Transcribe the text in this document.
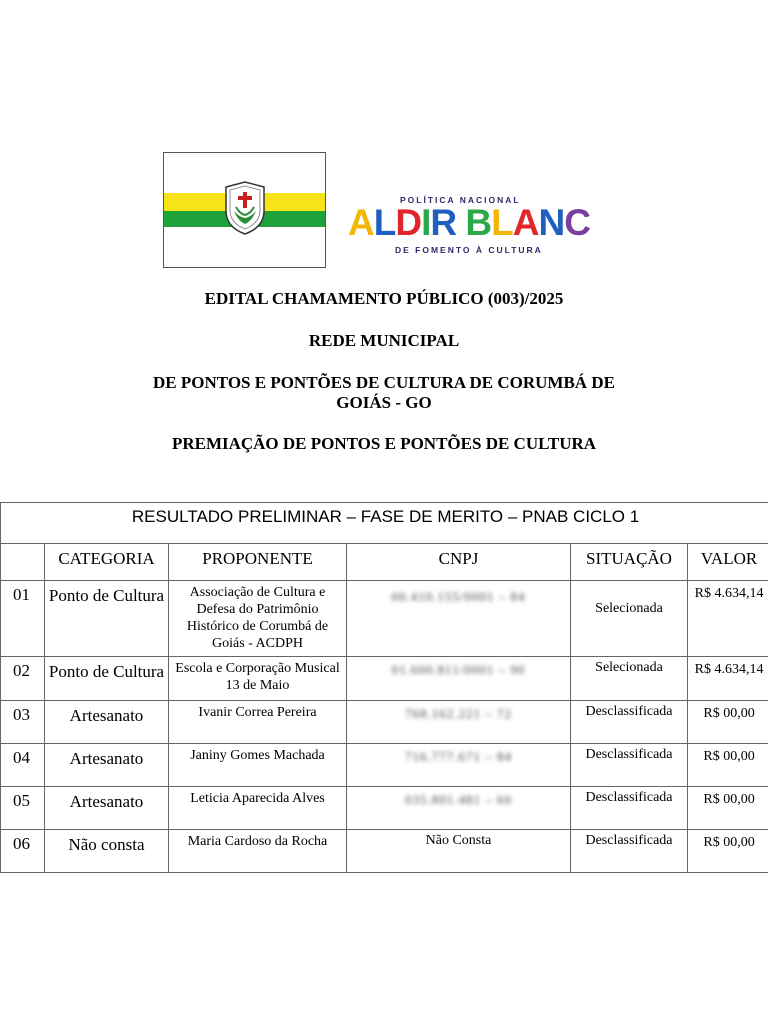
POLÍTICA NACIONAL
ALDIR BLANC
DE FOMENTO À CULTURA
EDITAL CHAMAMENTO PÚBLICO (003)/2025
REDE MUNICIPAL
DE PONTOS E PONTÕES DE CULTURA DE CORUMBÁ DE
GOIÁS - GO
PREMIAÇÃO DE PONTOS E PONTÕES DE CULTURA
RESULTADO PRELIMINAR – FASE DE MERITO – PNAB CICLO 1					
	CATEGORIA	PROPONENTE	CNPJ	SITUAÇÃO	VALOR
01	Ponto de Cultura	Associação de Cultura e Defesa do Patrimônio Histórico de Corumbá de Goiás - ACDPH	00.410.155/0001 – 84	Selecionada	R$ 4.634,14
02	Ponto de Cultura	Escola e Corporação Musical 13 de Maio	01.600.811/0001 – 90	Selecionada	R$ 4.634,14
03	Artesanato	Ivanir Correa Pereira	768.162.221 – 72	Desclassificada	R$ 00,00
04	Artesanato	Janiny Gomes Machada	716.777.671 – 84	Desclassificada	R$ 00,00
05	Artesanato	Leticia Aparecida Alves	035.801.481 – 60	Desclassificada	R$ 00,00
06	Não consta	Maria Cardoso da Rocha	Não Consta	Desclassificada	R$ 00,00
